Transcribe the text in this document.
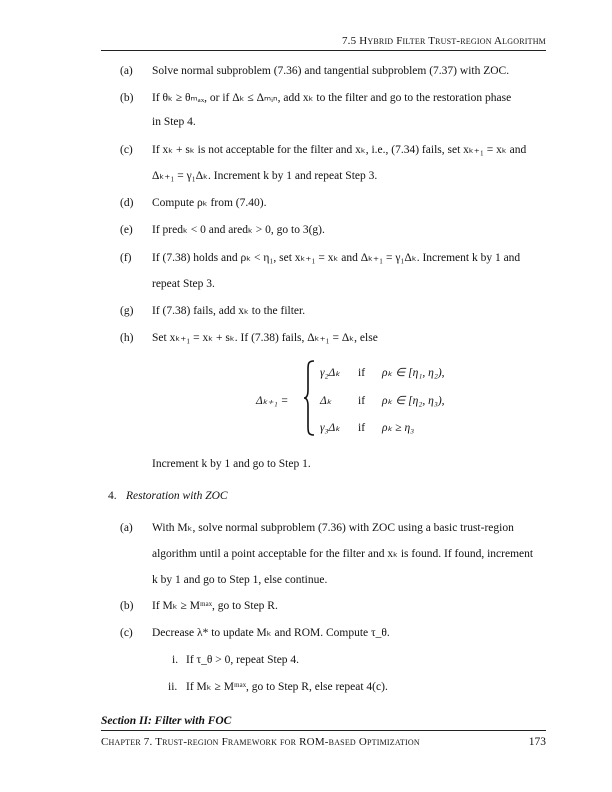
7.5 Hybrid Filter Trust-region Algorithm
(a) Solve normal subproblem (7.36) and tangential subproblem (7.37) with ZOC.
(b) If θₖ ≥ θₘₐₓ, or if Δₖ ≤ Δₘᵢₙ, add xₖ to the filter and go to the restoration phase
in Step 4.
(c) If xₖ + sₖ is not acceptable for the filter and xₖ, i.e., (7.34) fails, set xₖ₊₁ = xₖ and
Δₖ₊₁ = γ₁Δₖ. Increment k by 1 and repeat Step 3.
(d) Compute ρₖ from (7.40).
(e) If predₖ < 0 and aredₖ > 0, go to 3(g).
(f) If (7.38) holds and ρₖ < η₁, set xₖ₊₁ = xₖ and Δₖ₊₁ = γ₁Δₖ. Increment k by 1 and
repeat Step 3.
(g) If (7.38) fails, add xₖ to the filter.
(h) Set xₖ₊₁ = xₖ + sₖ. If (7.38) fails, Δₖ₊₁ = Δₖ, else
Δₖ₊₁ =
γ₂Δₖ if ρₖ ∈ [η₁, η₂),
Δₖ if ρₖ ∈ [η₂, η₃),
γ₃Δₖ if ρₖ ≥ η₃
Increment k by 1 and go to Step 1.
4. Restoration with ZOC
(a) With Mₖ, solve normal subproblem (7.36) with ZOC using a basic trust-region
algorithm until a point acceptable for the filter and xₖ is found. If found, increment
k by 1 and go to Step 1, else continue.
(b) If Mₖ ≥ Mᵐᵃˣ, go to Step R.
(c) Decrease λ* to update Mₖ and ROM. Compute τ_θ.
i. If τ_θ > 0, repeat Step 4.
ii. If Mₖ ≥ Mᵐᵃˣ, go to Step R, else repeat 4(c).
Section II: Filter with FOC
Chapter 7. Trust-region Framework for ROM-based Optimization	173
